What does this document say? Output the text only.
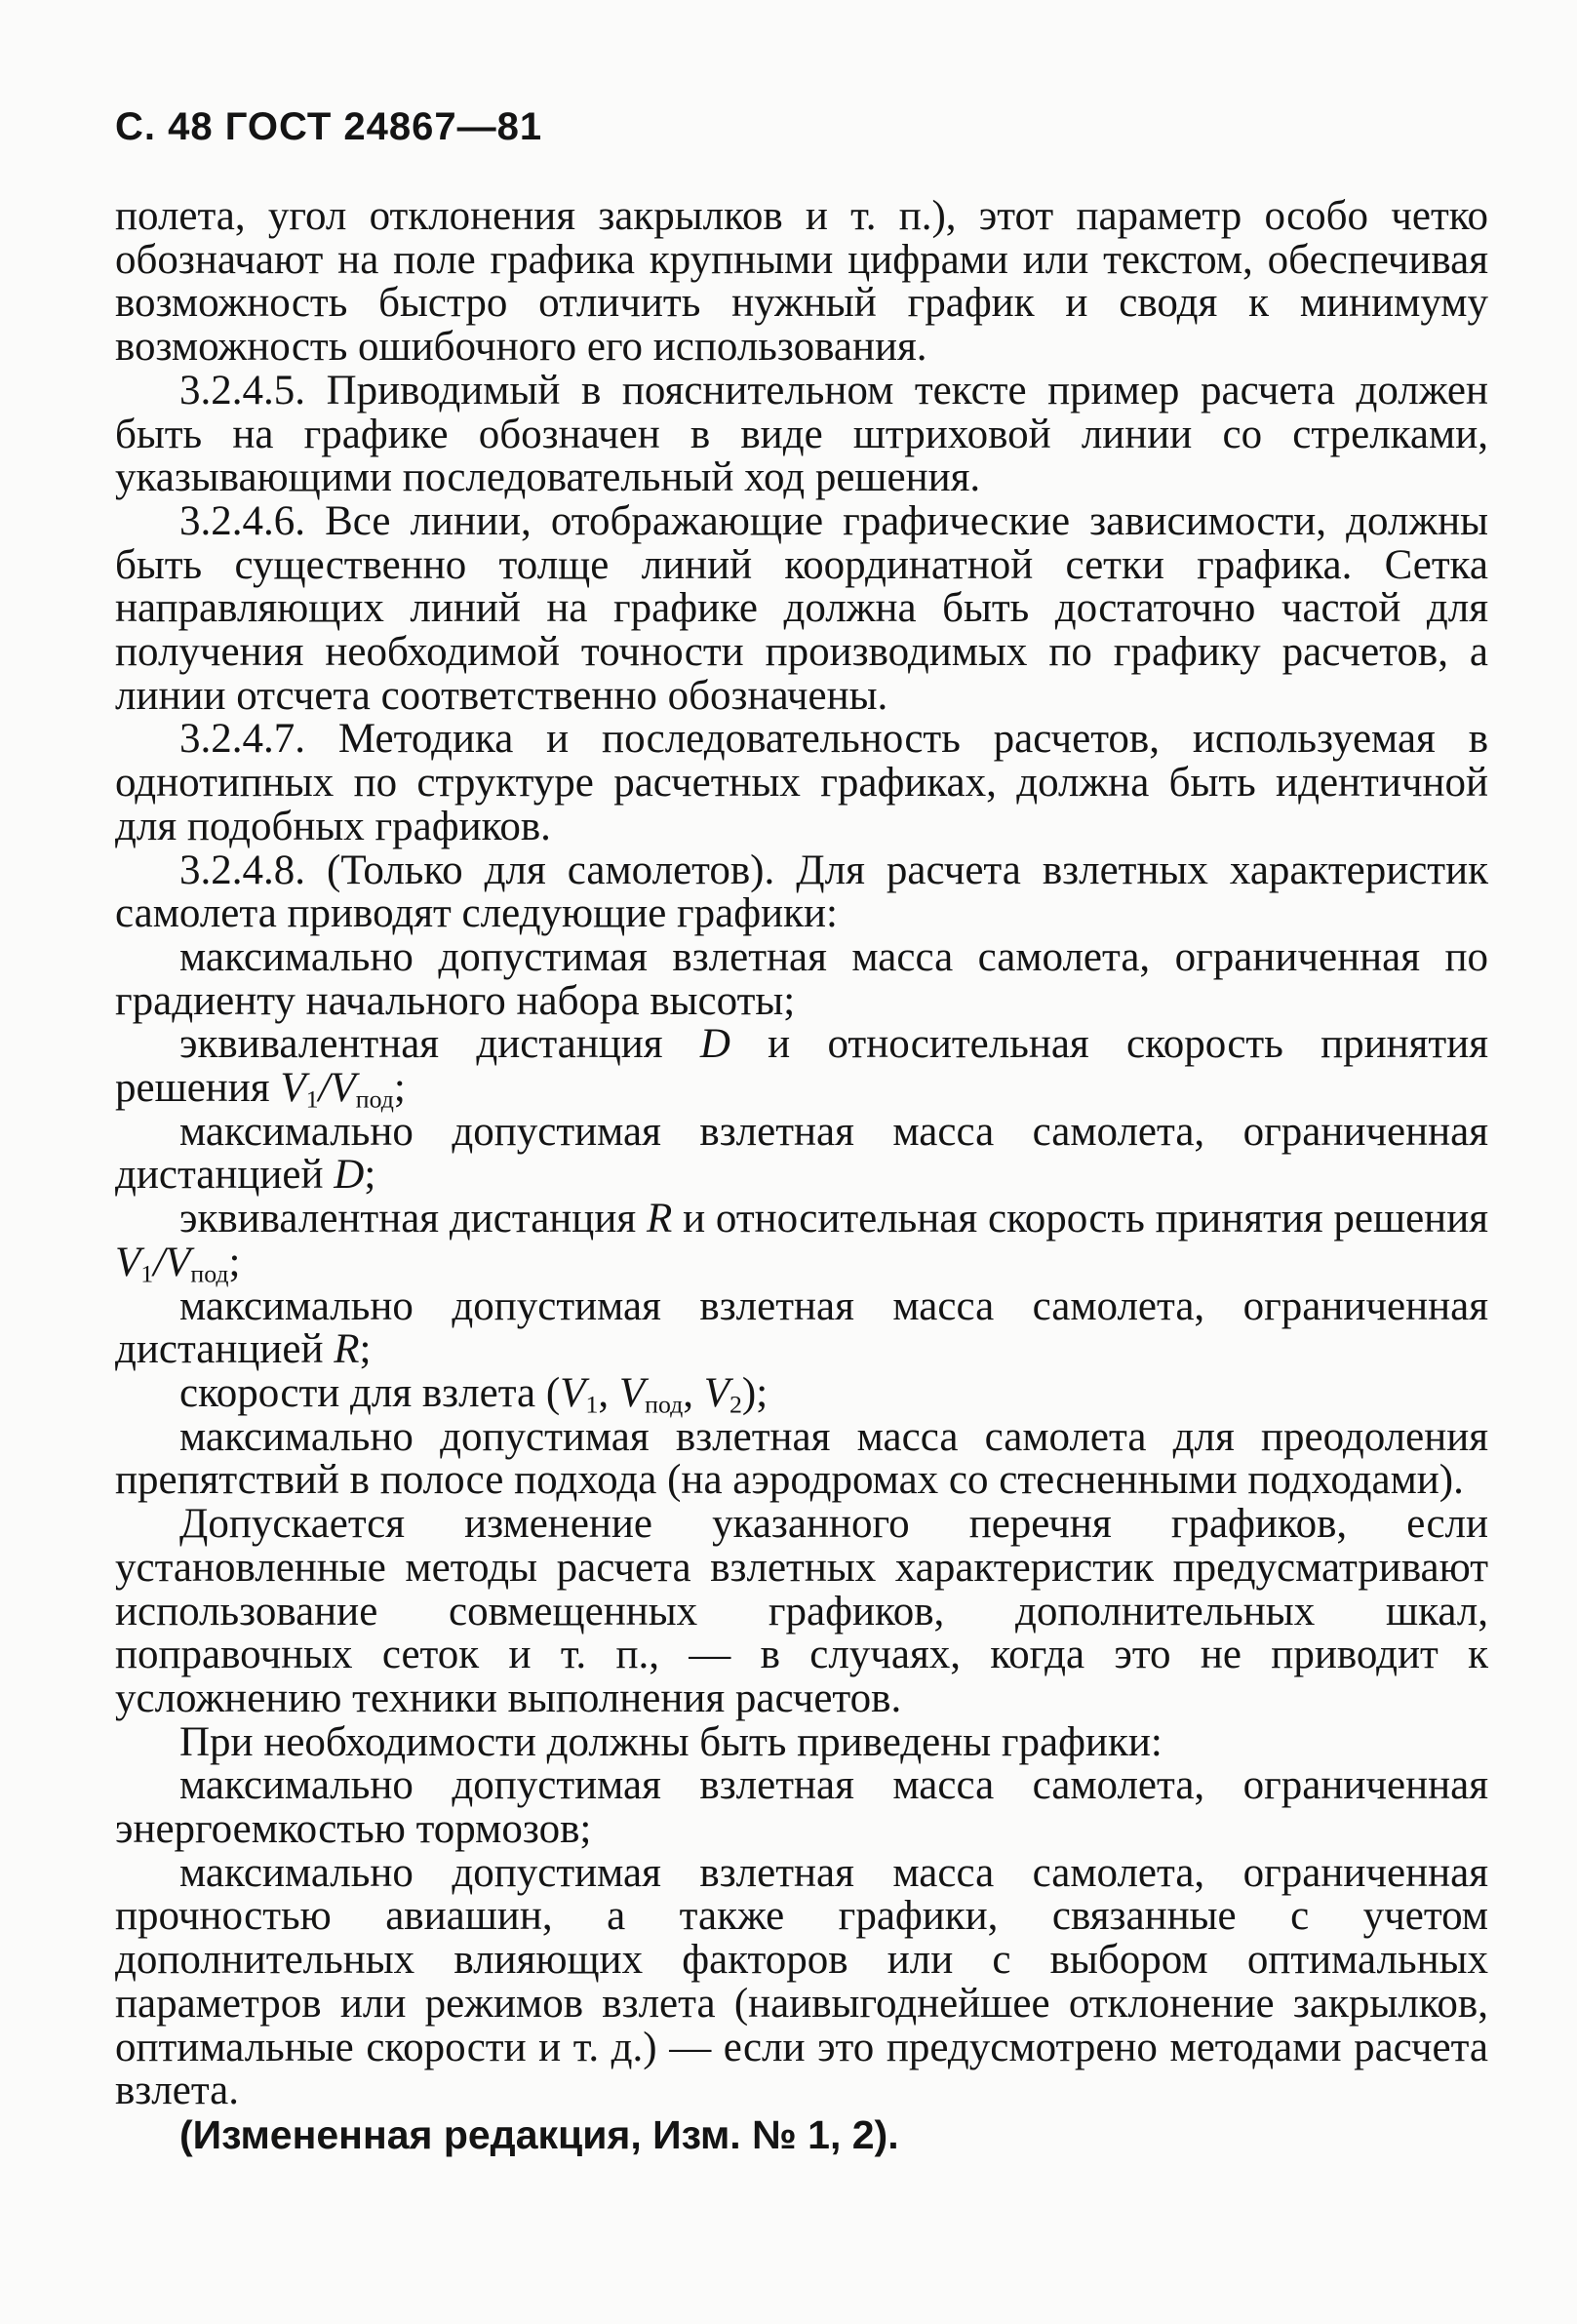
С. 48 ГОСТ 24867—81

полета, угол отклонения закрылков и т. п.), этот параметр особо четко обозначают на поле графика крупными цифрами или текстом, обеспечивая возможность быстро отличить нужный график и сводя к минимуму возможность ошибочного его использования.

3.2.4.5. Приводимый в пояснительном тексте пример расчета должен быть на графике обозначен в виде штриховой линии со стрелками, указывающими последовательный ход решения.

3.2.4.6. Все линии, отображающие графические зависимости, должны быть существенно толще линий координатной сетки графика. Сетка направляющих линий на графике должна быть достаточно частой для получения необходимой точности производимых по графику расчетов, а линии отсчета соответственно обозначены.

3.2.4.7. Методика и последовательность расчетов, используемая в однотипных по структуре расчетных графиках, должна быть идентичной для подобных графиков.

3.2.4.8. (Только для самолетов). Для расчета взлетных характеристик самолета приводят следующие графики:

максимально допустимая взлетная масса самолета, ограниченная по градиенту начального набора высоты;

эквивалентная дистанция D и относительная скорость принятия решения $V_1/V_{под}$;

максимально допустимая взлетная масса самолета, ограниченная дистанцией D;

эквивалентная дистанция R и относительная скорость принятия решения $V_1/V_{под}$;

максимально допустимая взлетная масса самолета, ограниченная дистанцией R;

скорости для взлета ($V_1$, $V_{под}$, $V_2$);

максимально допустимая взлетная масса самолета для преодоления препятствий в полосе подхода (на аэродромах со стесненными подходами).

Допускается изменение указанного перечня графиков, если установленные методы расчета взлетных характеристик предусматривают использование совмещенных графиков, дополнительных шкал, поправочных сеток и т. п., — в случаях, когда это не приводит к усложнению техники выполнения расчетов.

При необходимости должны быть приведены графики:

максимально допустимая взлетная масса самолета, ограниченная энергоемкостью тормозов;

максимально допустимая взлетная масса самолета, ограниченная прочностью авиашин, а также графики, связанные с учетом дополнительных влияющих факторов или с выбором оптимальных параметров или режимов взлета (наивыгоднейшее отклонение закрылков, оптимальные скорости и т. д.) — если это предусмотрено методами расчета взлета.

(Измененная редакция, Изм. № 1, 2).
